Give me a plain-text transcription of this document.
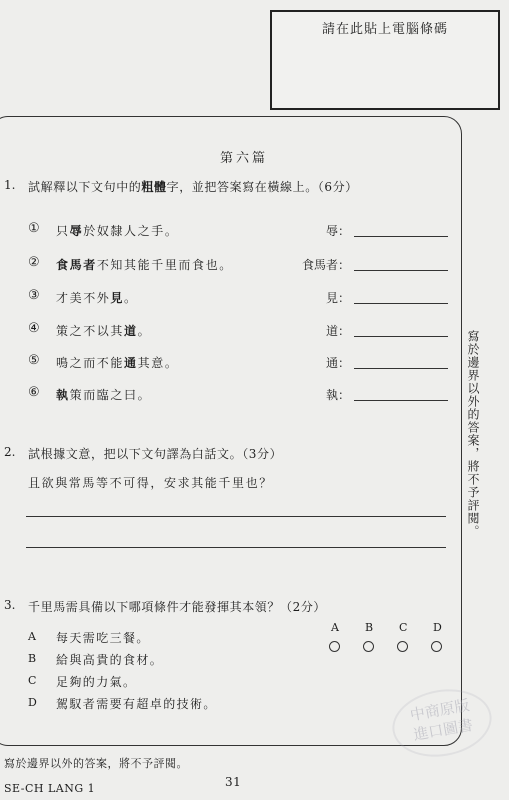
請在此貼上電腦條碼
寫於邊界以外的答案，將不予評閱。
第六篇
1. 試解釋以下文句中的粗體字，並把答案寫在橫線上。（6分）
① 只辱於奴隸人之手。	辱：
② 食馬者不知其能千里而食也。	食馬者：
③ 才美不外見。	見：
④ 策之不以其道。	道：
⑤ 鳴之而不能通其意。	通：
⑥ 執策而臨之曰。	執：
2. 試根據文意，把以下文句譯為白話文。（3分）
且欲與常馬等不可得，安求其能千里也？
3. 千里馬需具備以下哪項條件才能發揮其本領？（2分）
A 每天需吃三餐。
B 給與高貴的食材。
C 足夠的力氣。
D 駕馭者需要有超卓的技術。
A B C D
寫於邊界以外的答案，將不予評閱。
SE-CH LANG 1	31
中商原版
進口圖書
